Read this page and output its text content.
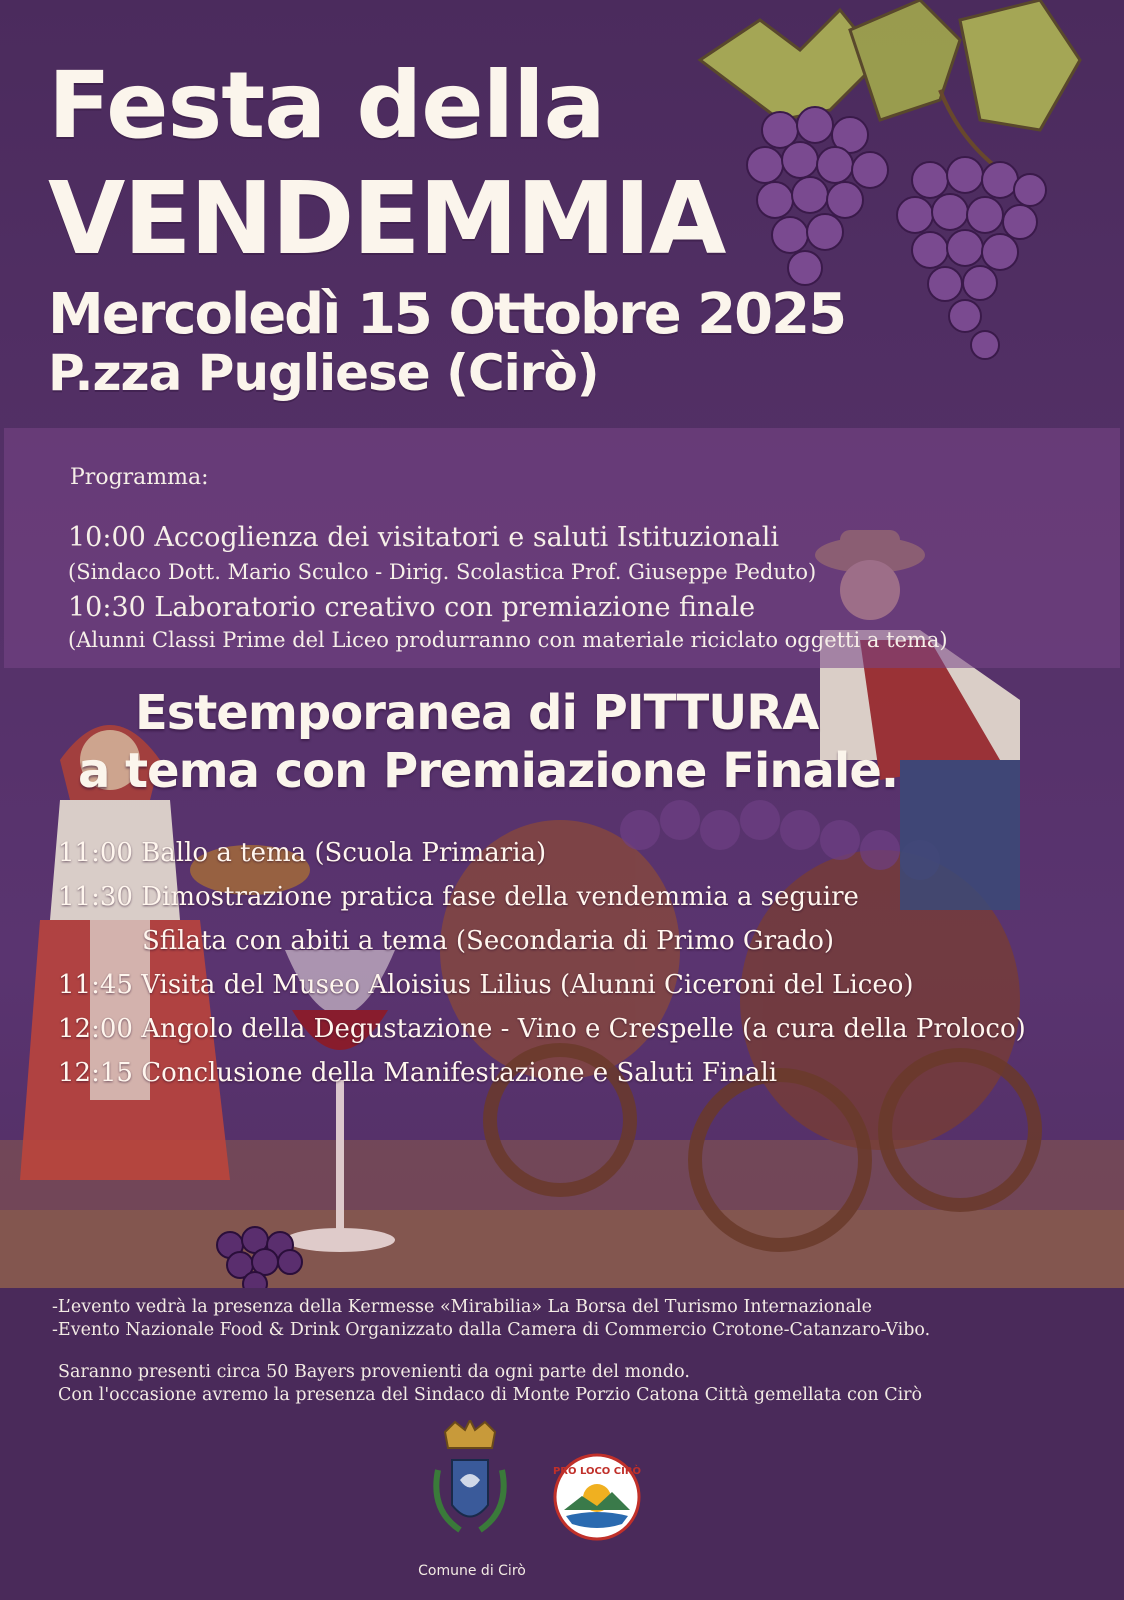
Festa della
VENDEMMIA
Mercoledì 15 Ottobre 2025
P.zza Pugliese (Cirò)
Programma:
10:00 Accoglienza dei visitatori e saluti Istituzionali
(Sindaco Dott. Mario Sculco - Dirig. Scolastica Prof. Giuseppe Peduto)
10:30 Laboratorio creativo con premiazione finale
(Alunni Classi Prime del Liceo produrranno con materiale riciclato oggetti a tema)
Estemporanea di PITTURA
a tema con Premiazione Finale.
11:00 Ballo a tema (Scuola Primaria)
11:30 Dimostrazione pratica fase della vendemmia a seguire
Sfilata con abiti a tema (Secondaria di Primo Grado)
11:45 Visita del Museo Aloisius Lilius (Alunni Ciceroni del Liceo)
12:00 Angolo della Degustazione - Vino e Crespelle (a cura della Proloco)
12:15 Conclusione della Manifestazione e Saluti Finali
-L’evento vedrà la presenza della Kermesse «Mirabilia» La Borsa del Turismo Internazionale
-Evento Nazionale Food & Drink Organizzato dalla Camera di Commercio Crotone-Catanzaro-Vibo.
Saranno presenti circa 50 Bayers provenienti da ogni parte del mondo.
Con l'occasione avremo la presenza del Sindaco di Monte Porzio Catona Città gemellata con Cirò
Comune di Cirò
PRO LOCO CIRÒ
